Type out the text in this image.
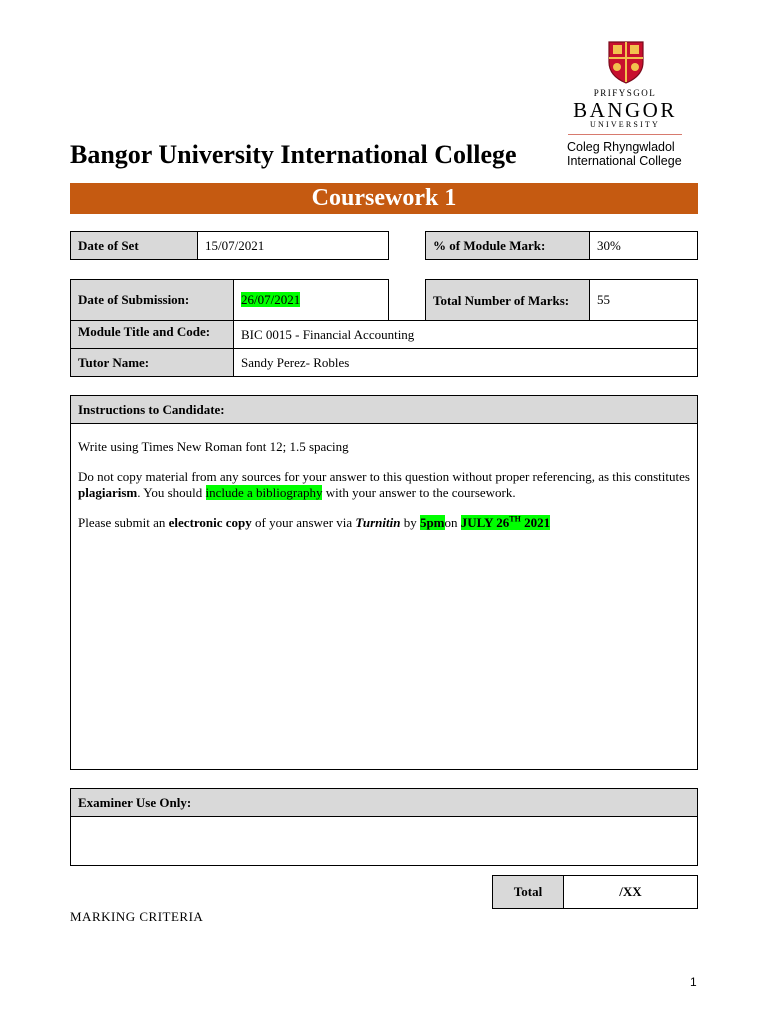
PRIFYSGOL
BANGOR
UNIVERSITY
Coleg Rhyngwladol
International College
Bangor University International College
Coursework 1
Date of Set	15/07/2021	% of Module Mark:	30%
Date of Submission:	26/07/2021	Total Number of Marks:	55
Module Title and Code:	BIC 0015 - Financial Accounting
Tutor Name:	Sandy Perez- Robles
Instructions to Candidate:

Write using Times New Roman font 12; 1.5 spacing

Do not copy material from any sources for your answer to this question without proper referencing, as this constitutes plagiarism. You should include a bibliography with your answer to the coursework.

Please submit an electronic copy of your answer via Turnitin by 5pmon JULY 26TH 2021

Examiner Use Only:
Total	/XX
MARKING CRITERIA
1
